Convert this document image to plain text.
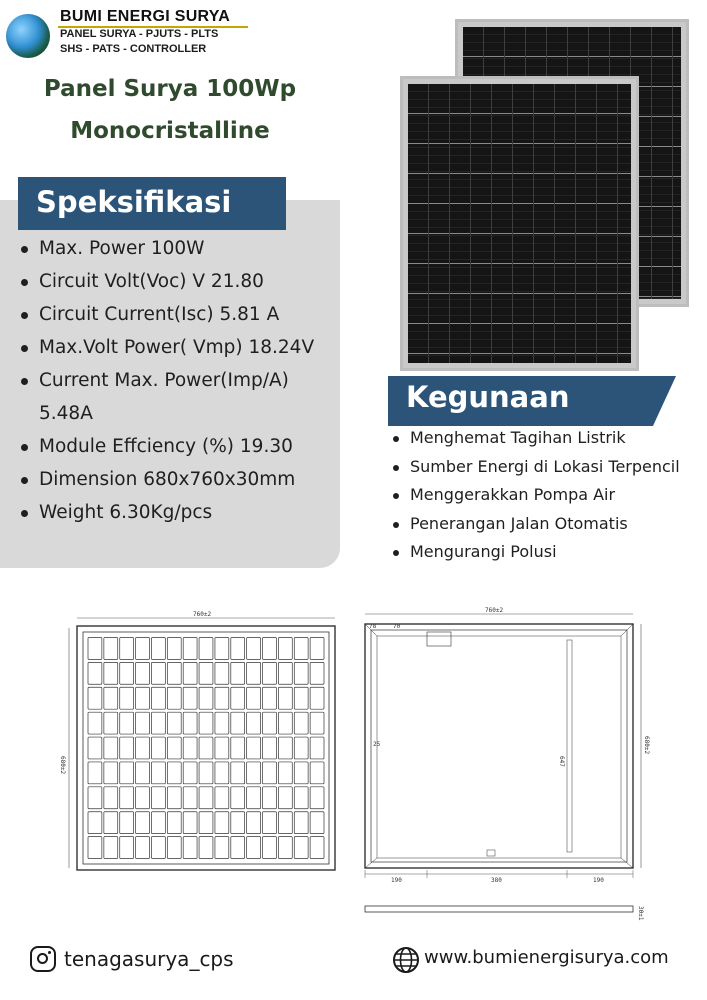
BUMI ENERGI SURYA
PANEL SURYA - PJUTS - PLTS
SHS - PATS - CONTROLLER
Panel Surya 100Wp
Monocristalline
Speksifikasi
Max. Power 100W
Circuit Volt(Voc) V 21.80
Circuit Current(Isc) 5.81 A
Max.Volt Power( Vmp) 18.24V
Current Max. Power(Imp/A) 5.48A
Module Effciency (%) 19.30
Dimension 680x760x30mm
Weight 6.30Kg/pcs
Kegunaan
Menghemat Tagihan Listrik
Sumber Energi di Lokasi Terpencil
Menggerakkan Pompa Air
Penerangan Jalan Otomatis
Mengurangi Polusi
760±2
680±2
760±2
680±2
78	70
25
647
190	380	190
30±1
tenagasurya_cps	www.bumienergisurya.com
